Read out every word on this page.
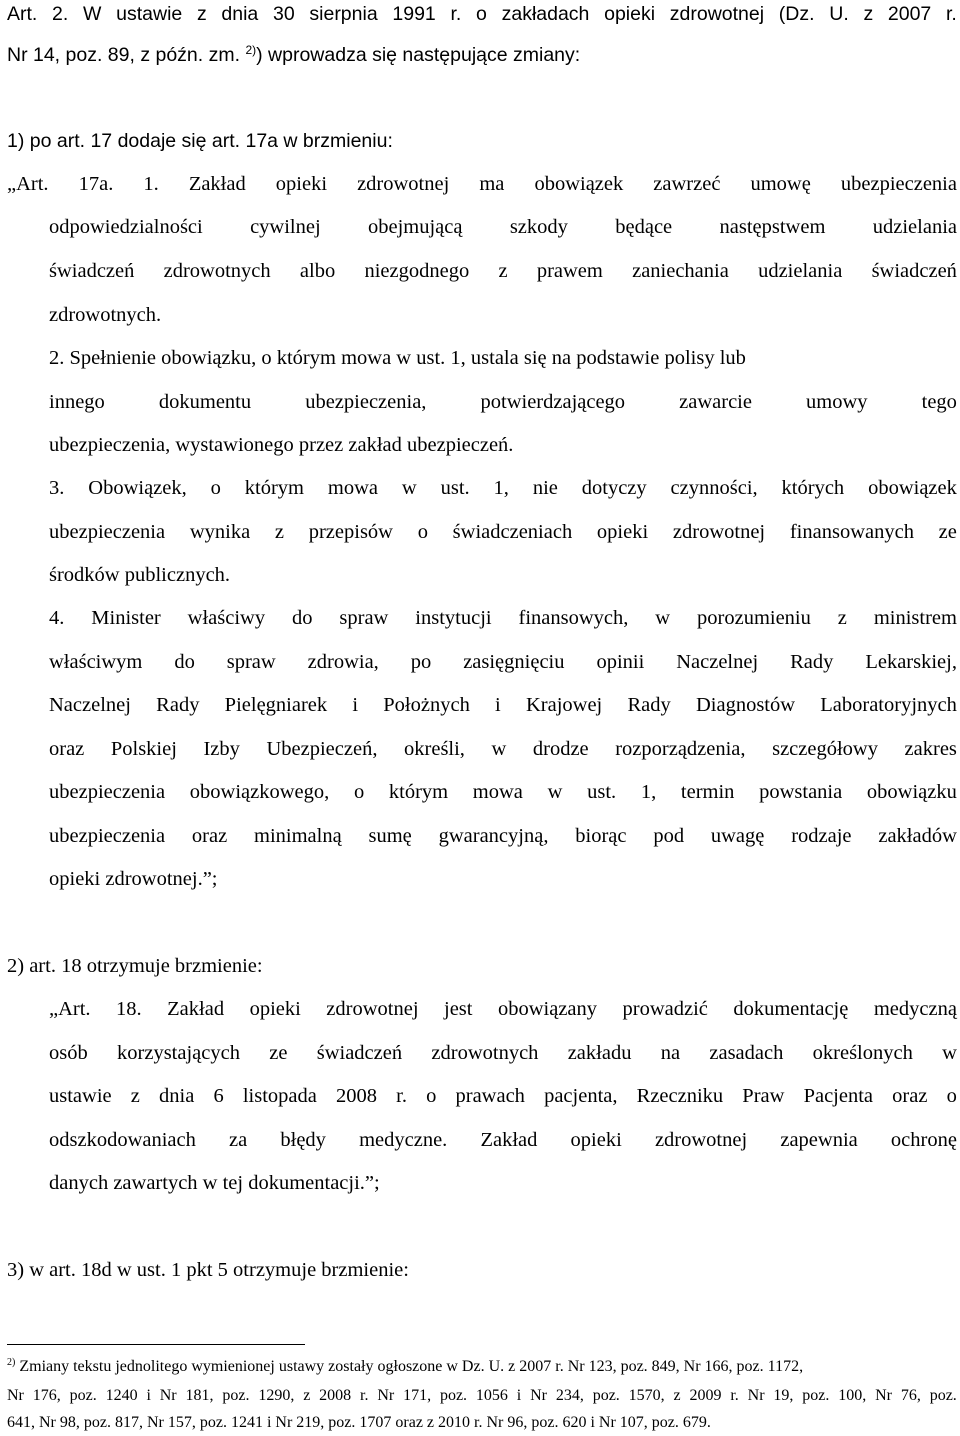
Art. 2. W ustawie z dnia 30 sierpnia 1991 r. o zakładach opieki zdrowotnej (Dz. U. z 2007 r.
Nr 14, poz. 89, z późn. zm. $^{2)}$) wprowadza się następujące zmiany:
1) po art. 17 dodaje się art. 17a w brzmieniu:
„Art. 17a. 1. Zakład opieki zdrowotnej ma obowiązek zawrzeć umowę ubezpieczenia
odpowiedzialności cywilnej obejmującą szkody będące następstwem udzielania
świadczeń zdrowotnych albo niezgodnego z prawem zaniechania udzielania świadczeń
zdrowotnych.
2. Spełnienie obowiązku, o którym mowa w ust. 1, ustala się na podstawie polisy lub
innego	dokumentu	ubezpieczenia,	potwierdzającego	zawarcie	umowy	tego
ubezpieczenia, wystawionego przez zakład ubezpieczeń.
3. Obowiązek, o którym mowa w ust. 1, nie dotyczy czynności, których obowiązek
ubezpieczenia wynika z przepisów o świadczeniach opieki zdrowotnej finansowanych ze
środków publicznych.
4. Minister właściwy do spraw instytucji finansowych, w porozumieniu z ministrem
właściwym do spraw zdrowia, po zasięgnięciu opinii Naczelnej Rady Lekarskiej,
Naczelnej Rady Pielęgniarek i Położnych i Krajowej Rady Diagnostów Laboratoryjnych
oraz Polskiej Izby Ubezpieczeń, określi, w drodze rozporządzenia, szczegółowy zakres
ubezpieczenia obowiązkowego, o którym mowa w ust. 1, termin powstania obowiązku
ubezpieczenia oraz minimalną sumę gwarancyjną, biorąc pod uwagę rodzaje zakładów
opieki zdrowotnej.”;
2) art. 18 otrzymuje brzmienie:
„Art. 18. Zakład opieki zdrowotnej jest obowiązany prowadzić dokumentację medyczną
osób korzystających ze świadczeń zdrowotnych zakładu na zasadach określonych w
ustawie z dnia 6 listopada 2008 r. o prawach pacjenta, Rzeczniku Praw Pacjenta oraz o
odszkodowaniach za błędy medyczne. Zakład opieki zdrowotnej zapewnia ochronę
danych zawartych w tej dokumentacji.”;
3) w art. 18d w ust. 1 pkt 5 otrzymuje brzmienie:
$^{2)}$ Zmiany tekstu jednolitego wymienionej ustawy zostały ogłoszone w Dz. U. z 2007 r. Nr 123, poz. 849, Nr 166, poz. 1172,
Nr 176, poz. 1240 i Nr 181, poz. 1290, z 2008 r. Nr 171, poz. 1056 i Nr 234, poz. 1570, z 2009 r. Nr 19, poz. 100, Nr 76, poz.
641, Nr 98, poz. 817, Nr 157, poz. 1241 i Nr 219, poz. 1707 oraz z 2010 r. Nr 96, poz. 620 i Nr 107, poz. 679.
